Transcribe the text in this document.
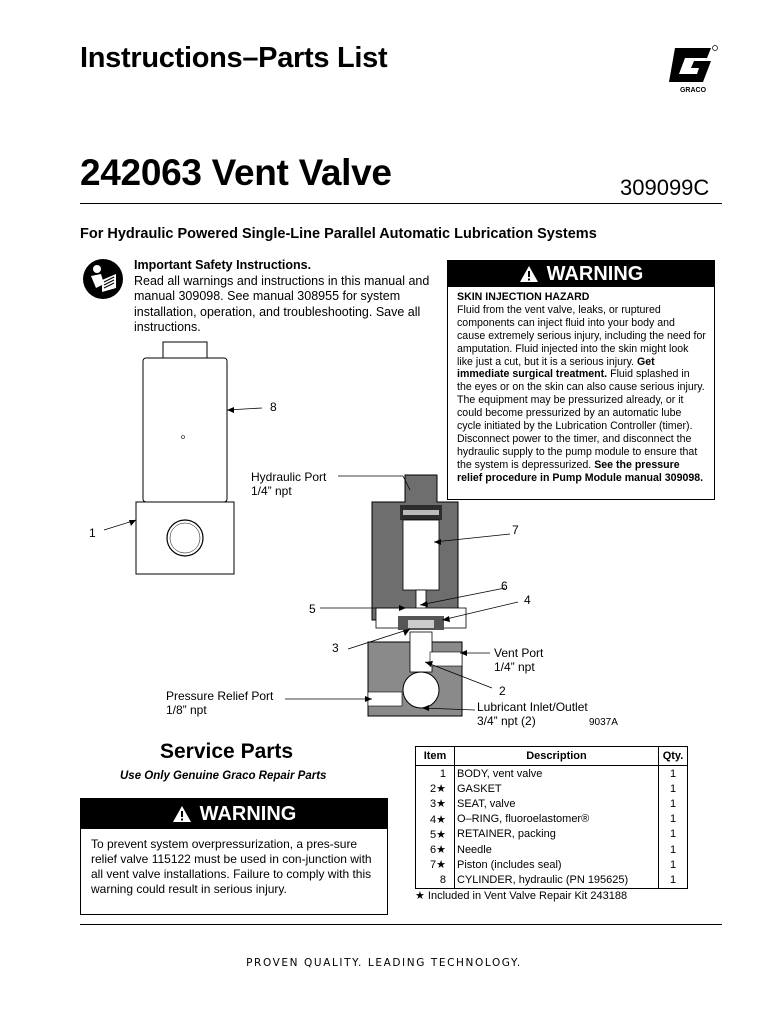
Instructions–Parts List
GRACO
242063 Vent Valve	309099C
For Hydraulic Powered Single-Line Parallel Automatic Lubrication Systems
Important Safety Instructions.
Read all warnings and instructions in this manual and manual 309098. See manual 308955 for system installation, operation, and troubleshooting. Save all instructions.
WARNING
SKIN INJECTION HAZARD
Fluid from the vent valve, leaks, or ruptured components can inject fluid into your body and cause extremely serious injury, including the need for amputation. Fluid injected into the skin might look like just a cut, but it is a serious injury. Get immediate surgical treatment. Fluid splashed in the eyes or on the skin can also cause serious injury. The equipment may be pressurized already, or it could become pressurized by an automatic lube cycle initiated by the Lubrication Controller (timer). Disconnect power to the timer, and disconnect the hydraulic supply to the pump module to ensure that the system is depressurized. See the pressure relief procedure in Pump Module manual 309098.
8
1
Hydraulic Port
1/4” npt
7
6
5
4
3	Vent Port
1/4” npt
2
Pressure Relief Port
1/8” npt	Lubricant Inlet/Outlet
3/4” npt (2)	9037A
Service Parts
Use Only Genuine Graco Repair Parts
WARNING
To prevent system overpressurization, a pres-sure relief valve 115122 must be used in con-junction with all vent valve installations. Failure to comply with this warning could result in serious injury.
Item	Description	Qty.
1	BODY, vent valve	1
2★	GASKET	1
3★	SEAT, valve	1
4★	O–RING, fluoroelastomer®	1
5★	RETAINER, packing	1
6★	Needle	1
7★	Piston (includes seal)	1
8	CYLINDER, hydraulic (PN 195625)	1
★ Included in Vent Valve Repair Kit 243188
PROVEN QUALITY. LEADING TECHNOLOGY.
